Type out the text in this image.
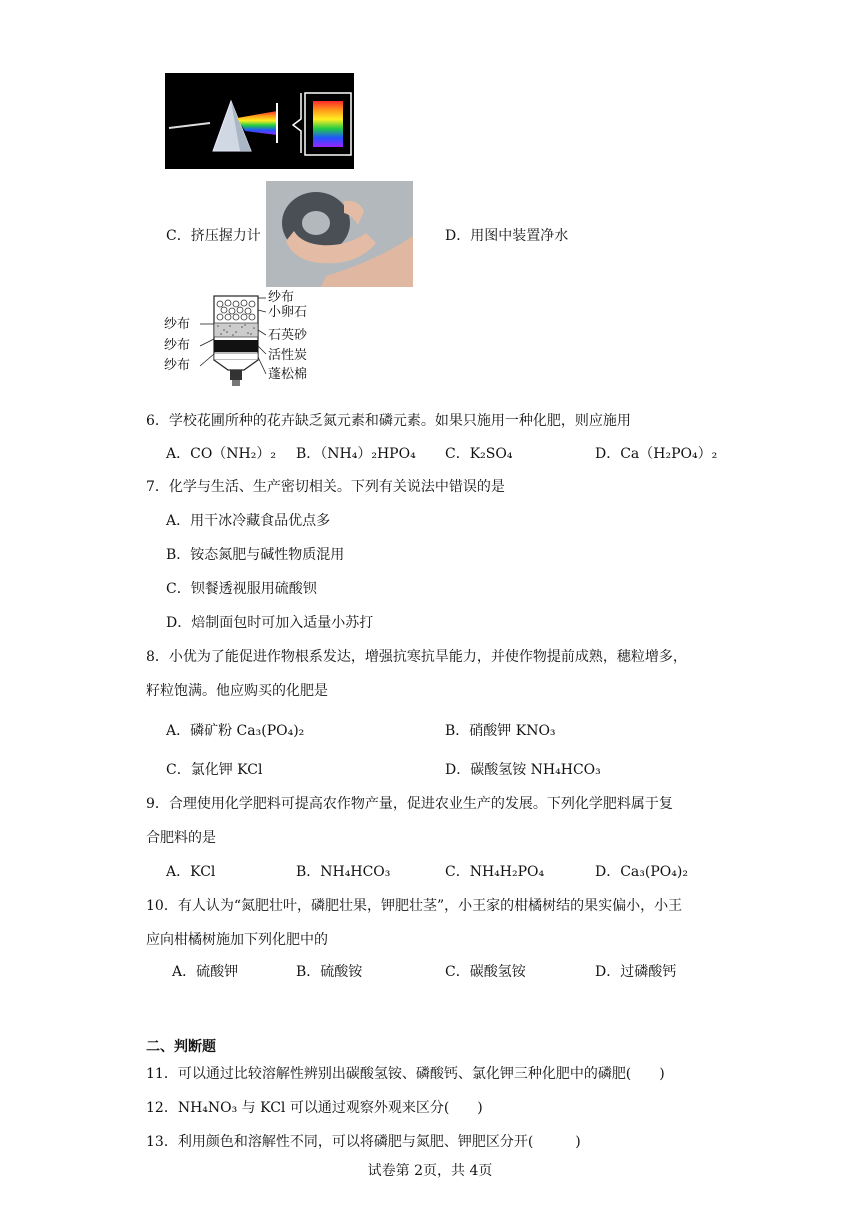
C．挤压握力计	D．用图中装置净水
纱布
小卵石
石英砂
活性炭
蓬松棉
纱布
纱布
纱布
6．学校花圃所种的花卉缺乏氮元素和磷元素。如果只施用一种化肥，则应施用
A．CO（NH₂）₂ B．（NH₄）₂HPO₄ C．K₂SO₄	D．Ca（H₂PO₄）₂
7．化学与生活、生产密切相关。下列有关说法中错误的是
A．用干冰冷藏食品优点多
B．铵态氮肥与碱性物质混用
C．钡餐透视服用硫酸钡
D．焙制面包时可加入适量小苏打
8．小优为了能促进作物根系发达，增强抗寒抗旱能力，并使作物提前成熟，穗粒增多，
籽粒饱满。他应购买的化肥是
A．磷矿粉 Ca₃(PO₄)₂	B．硝酸钾 KNO₃
C．氯化钾 KCl	D．碳酸氢铵 NH₄HCO₃
9．合理使用化学肥料可提高农作物产量，促进农业生产的发展。下列化学肥料属于复
合肥料的是
A．KCl	B．NH₄HCO₃	C．NH₄H₂PO₄	D．Ca₃(PO₄)₂
10．有人认为“氮肥壮叶，磷肥壮果，钾肥壮茎”，小王家的柑橘树结的果实偏小，小王
应向柑橘树施加下列化肥中的
A．硫酸钾	B．硫酸铵	C．碳酸氢铵	D．过磷酸钙
二、判断题
11．可以通过比较溶解性辨别出碳酸氢铵、磷酸钙、氯化钾三种化肥中的磷肥(　　)
12．NH₄NO₃ 与 KCl 可以通过观察外观来区分(　　)
13．利用颜色和溶解性不同，可以将磷肥与氮肥、钾肥区分开(　　　)
试卷第 2页，共 4页
